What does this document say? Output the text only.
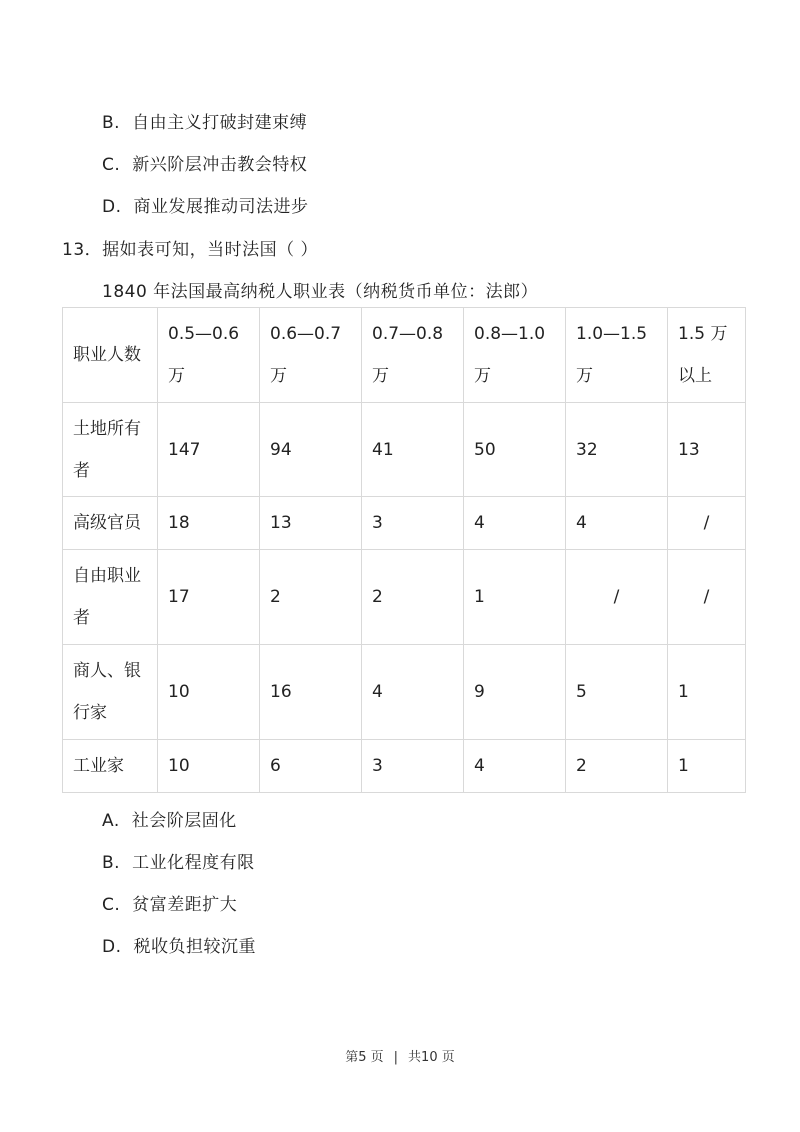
B. 自由主义打破封建束缚
C. 新兴阶层冲击教会特权
D. 商业发展推动司法进步
13．据如表可知，当时法国（ ）
1840 年法国最高纳税人职业表（纳税货币单位：法郎）
职业人数	0.5—0.6万	0.6—0.7万	0.7—0.8万	0.8—1.0万	1.0—1.5万	1.5 万以上
土地所有者	147	94	41	50	32	13
高级官员	18	13	3	4	4	/
自由职业者	17	2	2	1	/	/
商人、银行家	10	16	4	9	5	1
工业家	10	6	3	4	2	1
A. 社会阶层固化
B. 工业化程度有限
C. 贫富差距扩大
D. 税收负担较沉重
第5 页 | 共10 页
